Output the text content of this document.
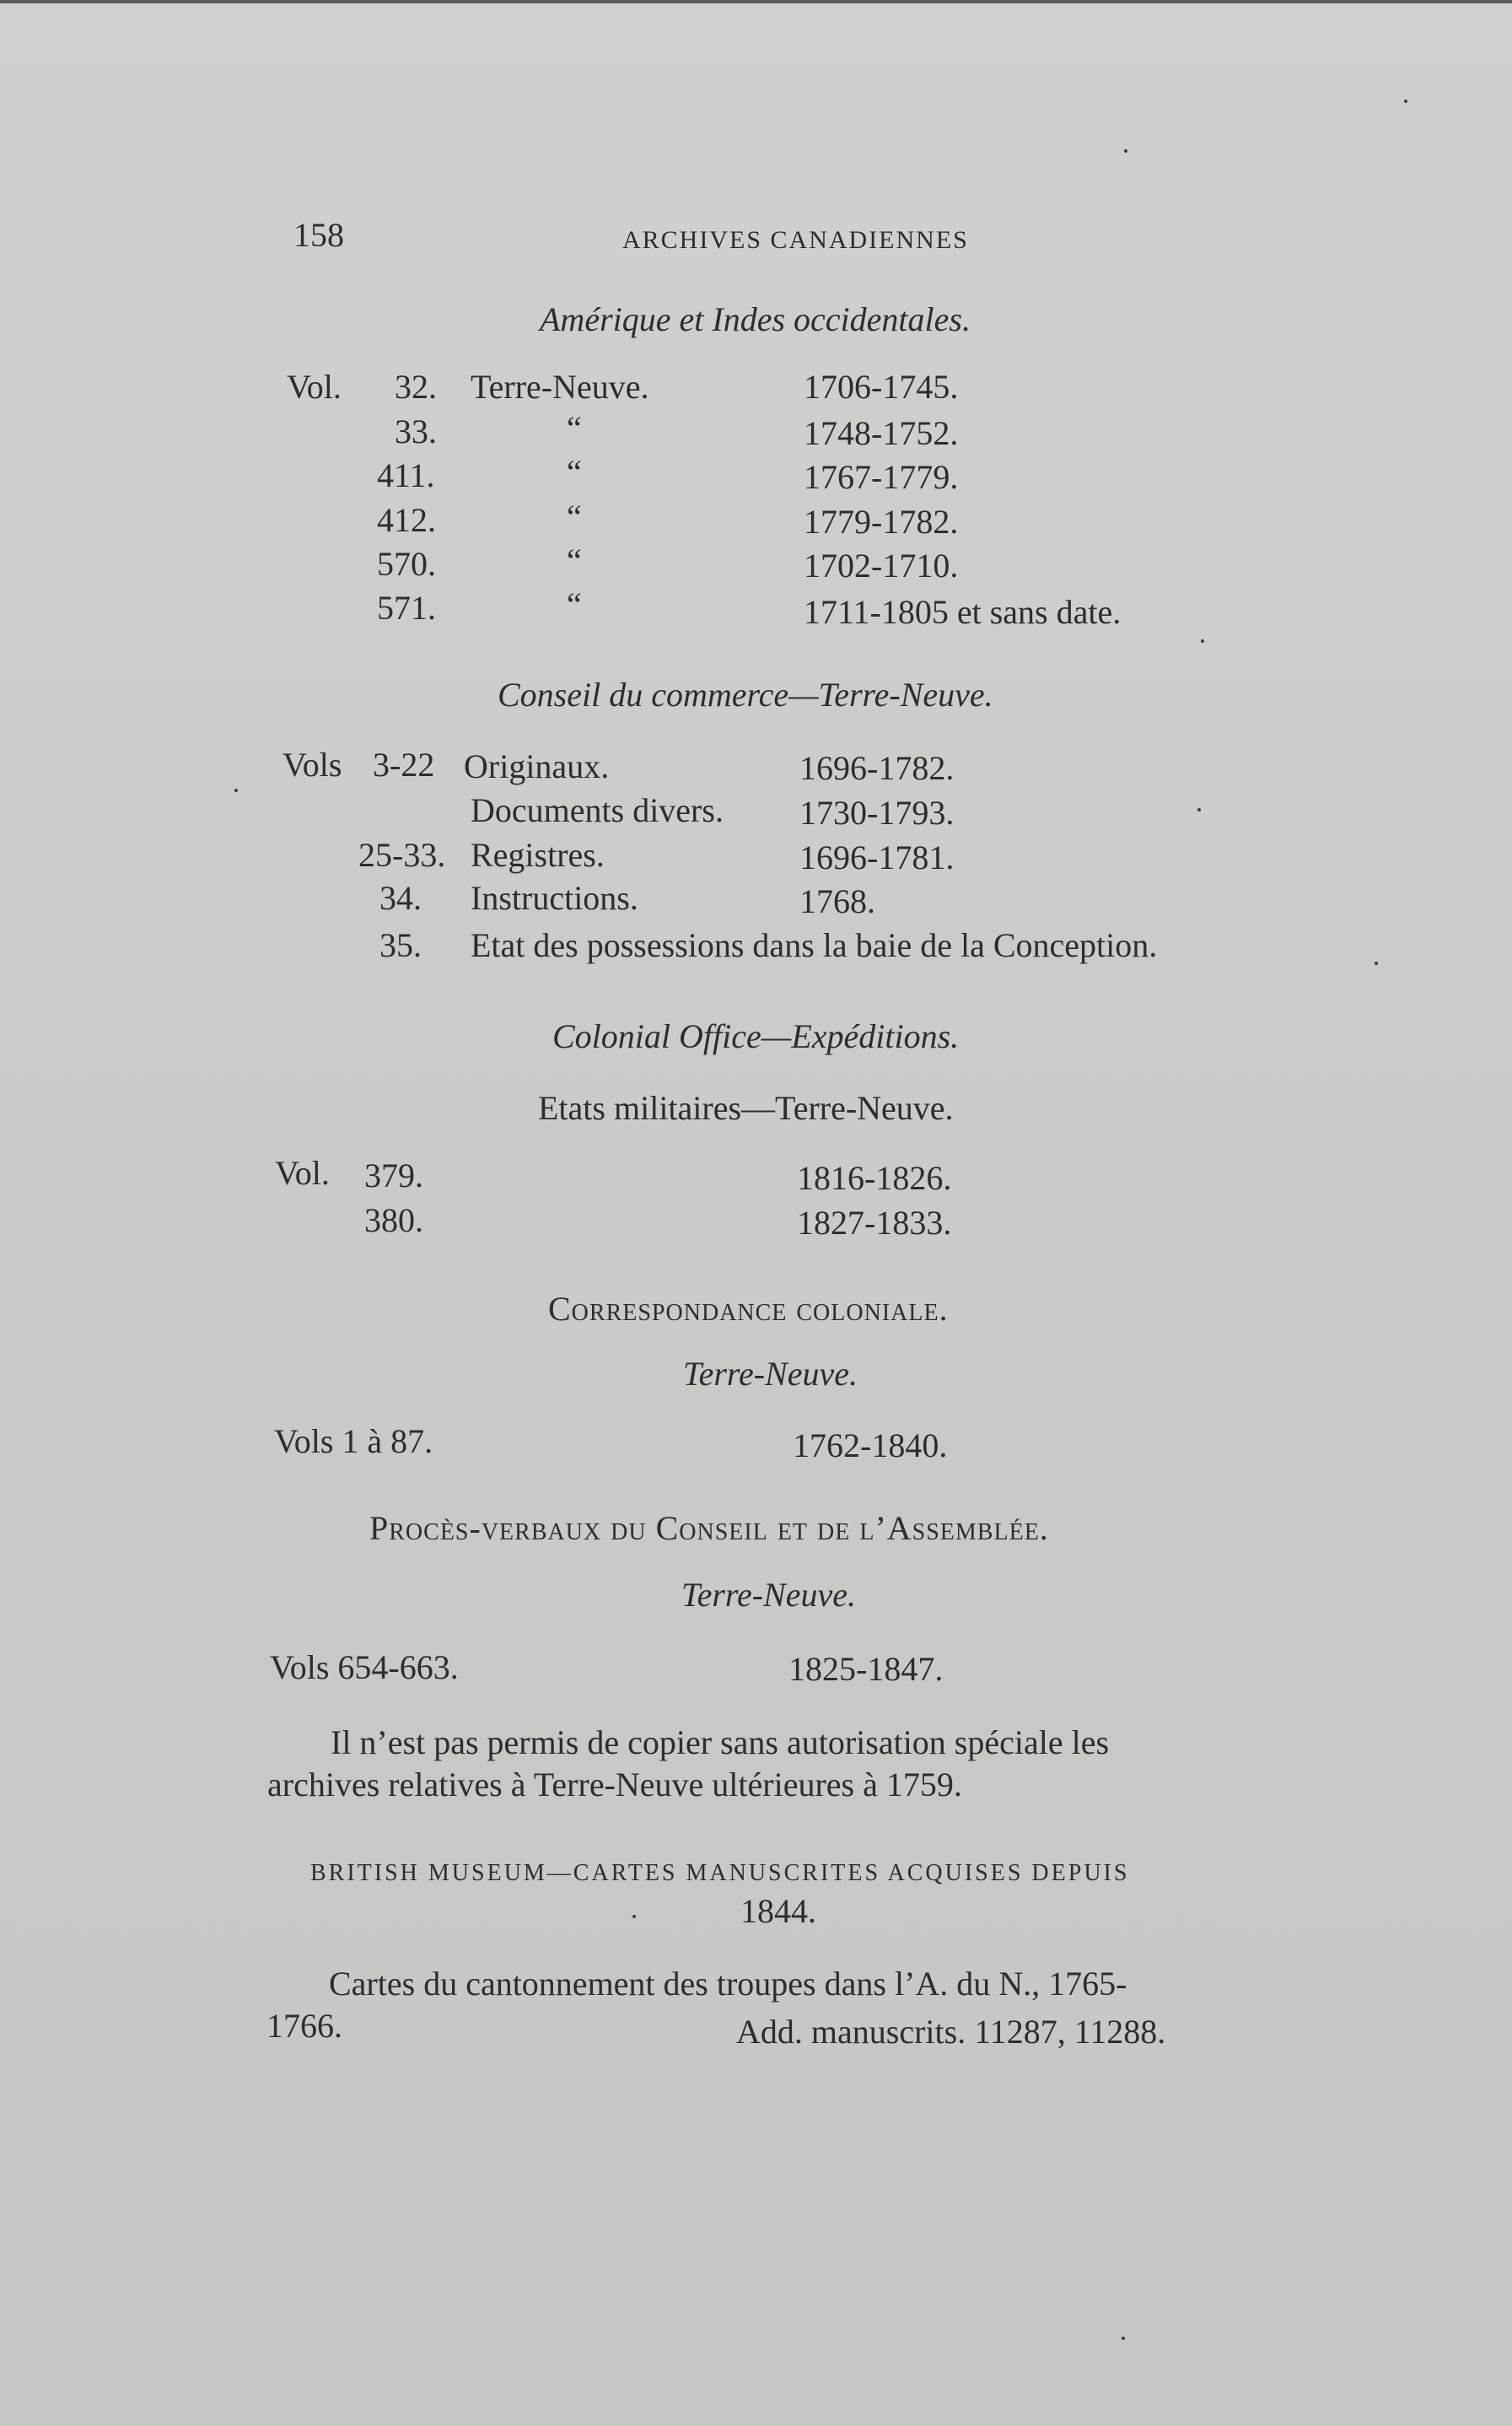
158	ARCHIVES CANADIENNES
Amérique et Indes occidentales.
Vol. 32. Terre-Neuve.	1706-1745.
33.	“	1748-1752.
411.	“	1767-1779.
412.	“	1779-1782.
570.	“	1702-1710.
571.	“	1711-1805 et sans date.
Conseil du commerce—Terre-Neuve.
Vols 3-22 Originaux.	1696-1782.
Documents divers. 1730-1793.
25-33. Registres.	1696-1781.
34. Instructions.	1768.
35. Etat des possessions dans la baie de la Conception.
Colonial Office—Expéditions.
Etats militaires—Terre-Neuve.
Vol. 379.	1816-1826.
380.	1827-1833.
Correspondance coloniale.
Terre-Neuve.
Vols 1 à 87.	1762-1840.
Procès-verbaux du Conseil et de l’Assemblée.
Terre-Neuve.
Vols 654-663.	1825-1847.
Il n’est pas permis de copier sans autorisation spéciale les
archives relatives à Terre-Neuve ultérieures à 1759.
BRITISH MUSEUM—CARTES MANUSCRITES ACQUISES DEPUIS
1844.
Cartes du cantonnement des troupes dans l’A. du N., 1765-
1766.	Add. manuscrits. 11287, 11288.
